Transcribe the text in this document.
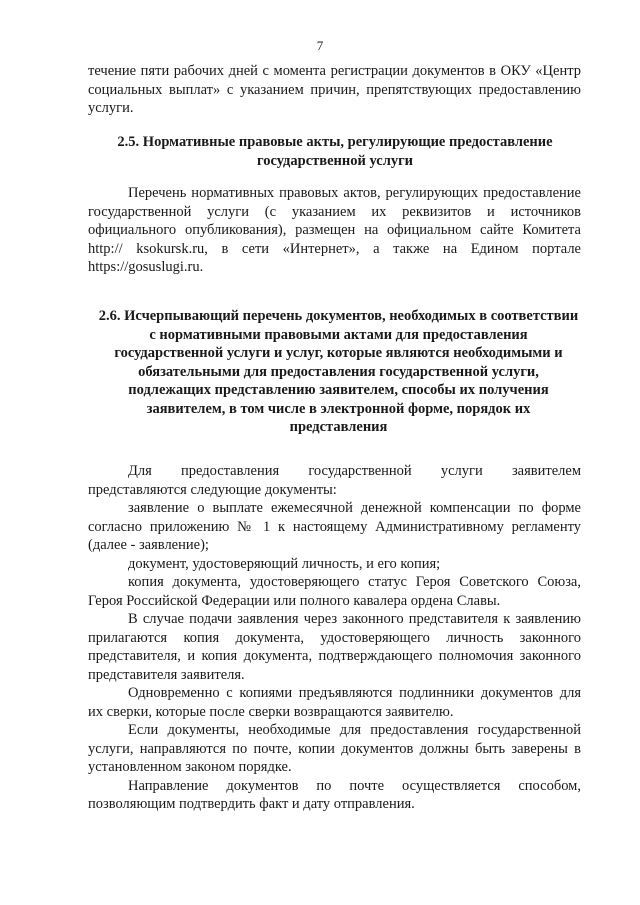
7

течение пяти рабочих дней с момента регистрации документов в ОКУ «Центр социальных выплат» с указанием причин, препятствующих предоставлению услуги.

2.5. Нормативные правовые акты, регулирующие предоставление государственной услуги

Перечень нормативных правовых актов, регулирующих предоставление государственной услуги (с указанием их реквизитов и источников официального опубликования), размещен на официальном сайте Комитета http:// ksokursk.ru, в сети «Интернет», а также на Едином портале https://gosuslugi.ru.

2.6. Исчерпывающий перечень документов, необходимых в соответствии с нормативными правовыми актами для предоставления государственной услуги и услуг, которые являются необходимыми и обязательными для предоставления государственной услуги, подлежащих представлению заявителем, способы их получения заявителем, в том числе в электронной форме, порядок их представления

Для предоставления государственной услуги заявителем представляются следующие документы:

заявление о выплате ежемесячной денежной компенсации по форме согласно приложению № 1 к настоящему Административному регламенту (далее - заявление);

документ, удостоверяющий личность, и его копия;

копия документа, удостоверяющего статус Героя Советского Союза, Героя Российской Федерации или полного кавалера ордена Славы.

В случае подачи заявления через законного представителя к заявлению прилагаются копия документа, удостоверяющего личность законного представителя, и копия документа, подтверждающего полномочия законного представителя заявителя.

Одновременно с копиями предъявляются подлинники документов для их сверки, которые после сверки возвращаются заявителю.

Если документы, необходимые для предоставления государственной услуги, направляются по почте, копии документов должны быть заверены в установленном законом порядке.

Направление документов по почте осуществляется способом, позволяющим подтвердить факт и дату отправления.
